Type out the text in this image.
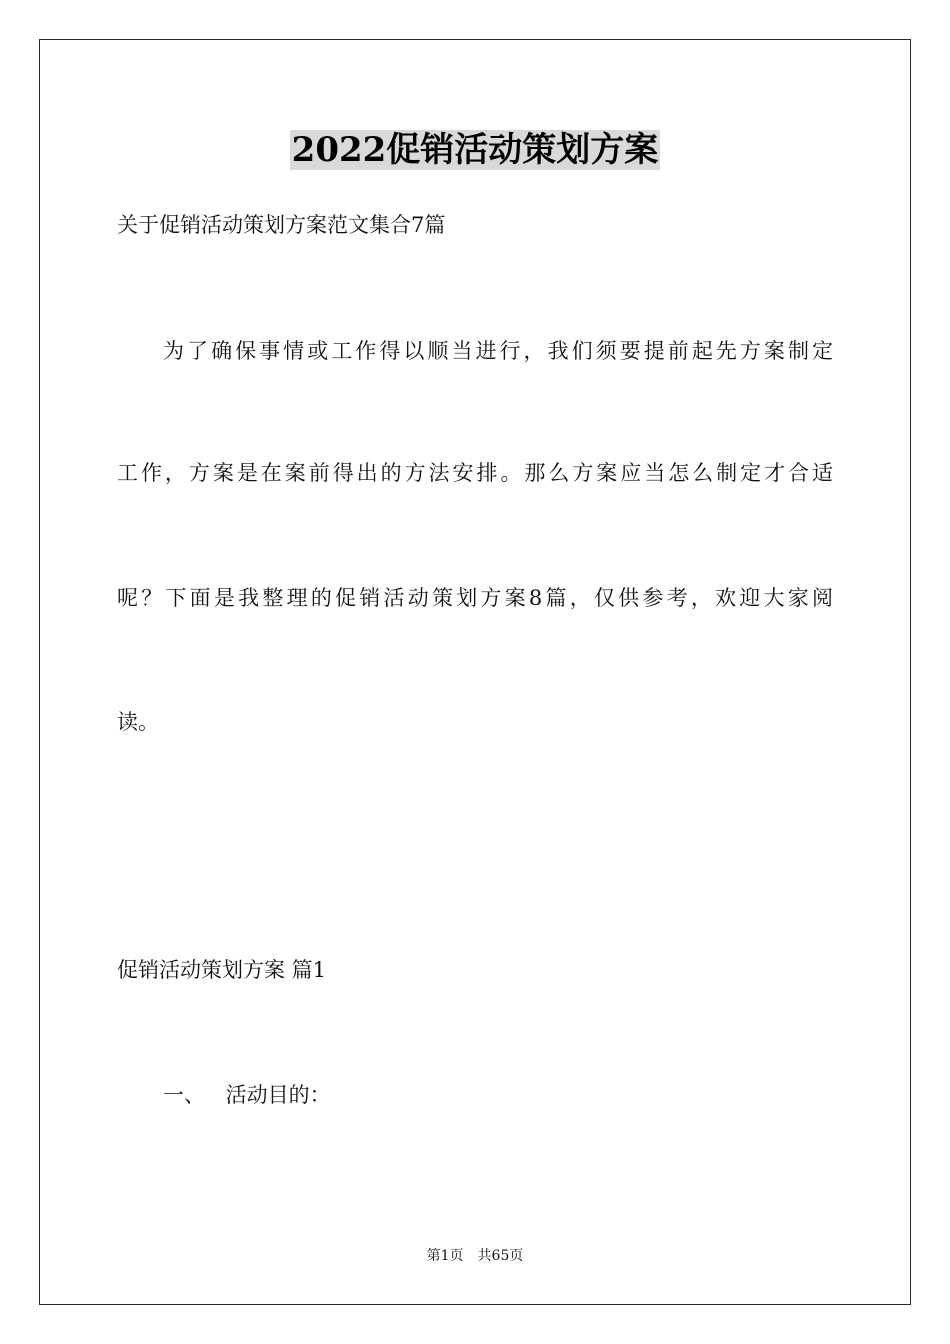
2022促销活动策划方案
关于促销活动策划方案范文集合7篇
为了确保事情或工作得以顺当进行，我们须要提前起先方案制定
工作，方案是在案前得出的方法安排。那么方案应当怎么制定才合适
呢？下面是我整理的促销活动策划方案8篇，仅供参考，欢迎大家阅
读。
促销活动策划方案 篇1
一、 活动目的：
第1页　共65页
